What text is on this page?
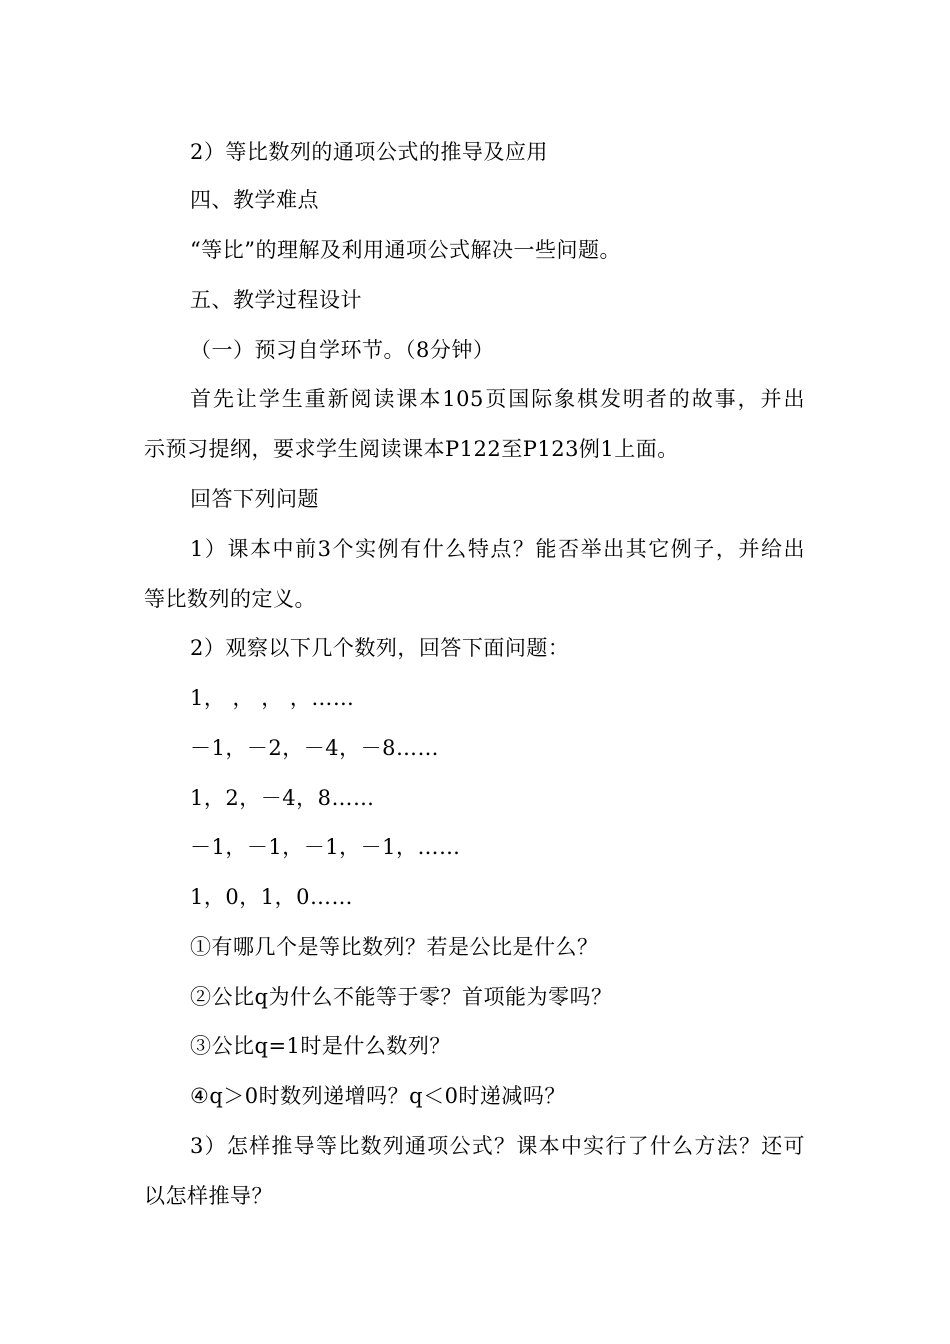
2）等比数列的通项公式的推导及应用
四、教学难点
“等比”的理解及利用通项公式解决一些问题。
五、教学过程设计
（一）预习自学环节。（8分钟）
首先让学生重新阅读课本105页国际象棋发明者的故事，并出
示预习提纲，要求学生阅读课本P122至P123例1上面。
回答下列问题
1）课本中前3个实例有什么特点？能否举出其它例子，并给出
等比数列的定义。
2）观察以下几个数列，回答下面问题：
1， ， ， ，……
－1，－2，－4，－8……
1，2，－4，8……
－1，－1，－1，－1，……
1，0，1，0……
①有哪几个是等比数列？若是公比是什么？
②公比q为什么不能等于零？首项能为零吗？
③公比q=1时是什么数列？
④q＞0时数列递增吗？q＜0时递减吗？
3）怎样推导等比数列通项公式？课本中实行了什么方法？还可
以怎样推导？
